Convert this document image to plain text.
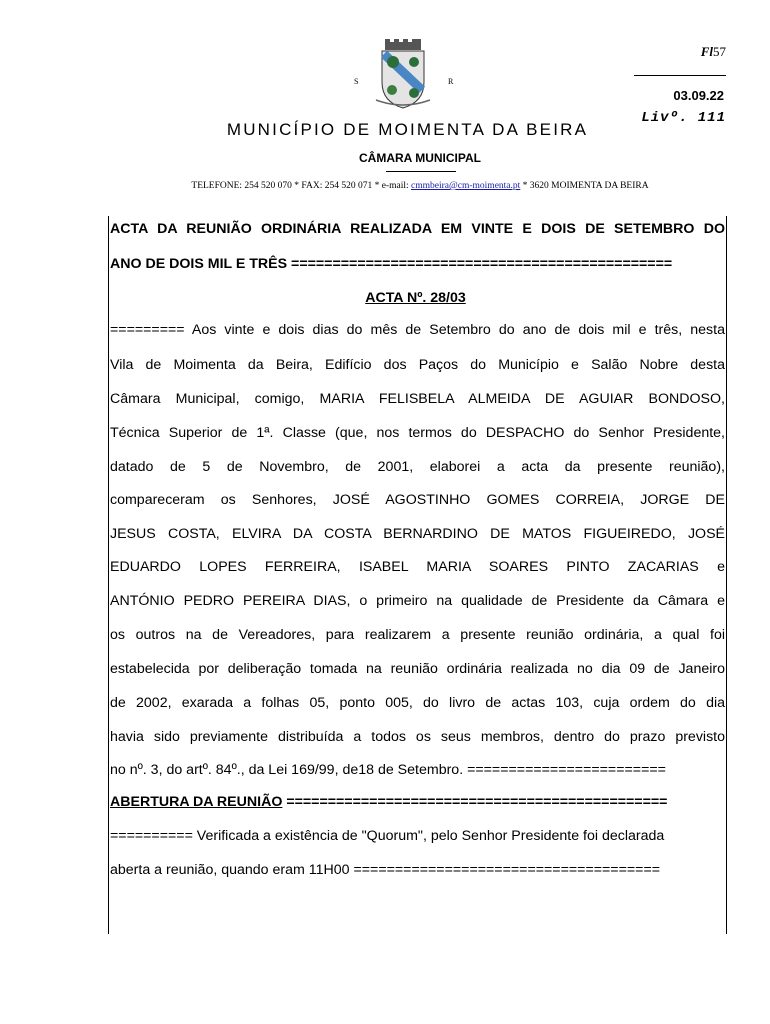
S	R
Fl57
03.09.22
Livº. 111
MUNICÍPIO DE MOIMENTA DA BEIRA
CÂMARA MUNICIPAL
TELEFONE: 254 520 070 * FAX: 254 520 071 * e-mail: cmmbeira@cm-moimenta.pt * 3620 MOIMENTA DA BEIRA
ACTA DA REUNIÃO ORDINÁRIA REALIZADA EM VINTE E DOIS DE SETEMBRO DO
ANO DE DOIS MIL E TRÊS ==============================================
ACTA Nº. 28/03
========= Aos vinte e dois dias do mês de Setembro do ano de dois mil e três, nesta
Vila de Moimenta da Beira, Edifício dos Paços do Município e Salão Nobre desta
Câmara Municipal, comigo, MARIA FELISBELA ALMEIDA DE AGUIAR BONDOSO,
Técnica Superior de 1ª. Classe (que, nos termos do DESPACHO do Senhor Presidente,
datado de 5 de Novembro, de 2001, elaborei a acta da presente reunião),
compareceram os Senhores, JOSÉ AGOSTINHO GOMES CORREIA, JORGE DE
JESUS COSTA, ELVIRA DA COSTA BERNARDINO DE MATOS FIGUEIREDO, JOSÉ
EDUARDO LOPES FERREIRA, ISABEL MARIA SOARES PINTO ZACARIAS e
ANTÓNIO PEDRO PEREIRA DIAS, o primeiro na qualidade de Presidente da Câmara e
os outros na de Vereadores, para realizarem a presente reunião ordinária, a qual foi
estabelecida por deliberação tomada na reunião ordinária realizada no dia 09 de Janeiro
de 2002, exarada a folhas 05, ponto 005, do livro de actas 103, cuja ordem do dia
havia sido previamente distribuída a todos os seus membros, dentro do prazo previsto
no nº. 3, do artº. 84º., da Lei 169/99, de18 de Setembro. ========================
ABERTURA DA REUNIÃO ==============================================
========== Verificada a existência de "Quorum", pelo Senhor Presidente foi declarada
aberta a reunião, quando eram 11H00 =====================================
